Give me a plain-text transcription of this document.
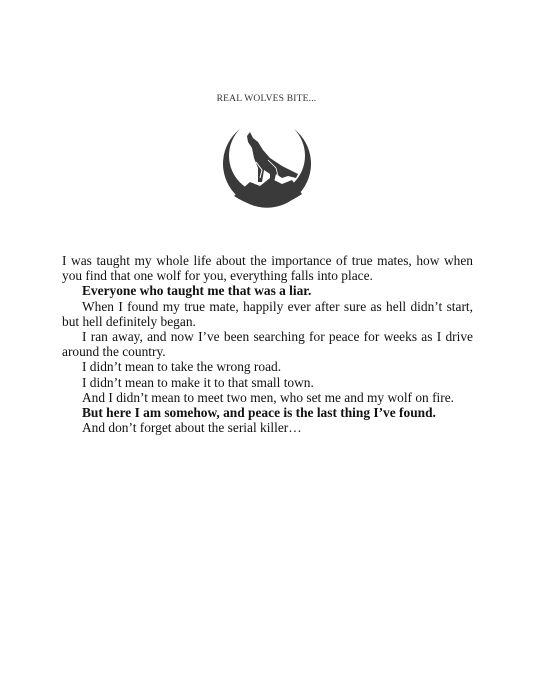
REAL WOLVES BITE...

I was taught my whole life about the importance of true mates, how when you find that one wolf for you, everything falls into place.

Everyone who taught me that was a liar.

When I found my true mate, happily ever after sure as hell didn’t start, but hell definitely began.

I ran away, and now I’ve been searching for peace for weeks as I drive around the country.

I didn’t mean to take the wrong road.

I didn’t mean to make it to that small town.

And I didn’t mean to meet two men, who set me and my wolf on fire.

But here I am somehow, and peace is the last thing I’ve found.

And don’t forget about the serial killer…
